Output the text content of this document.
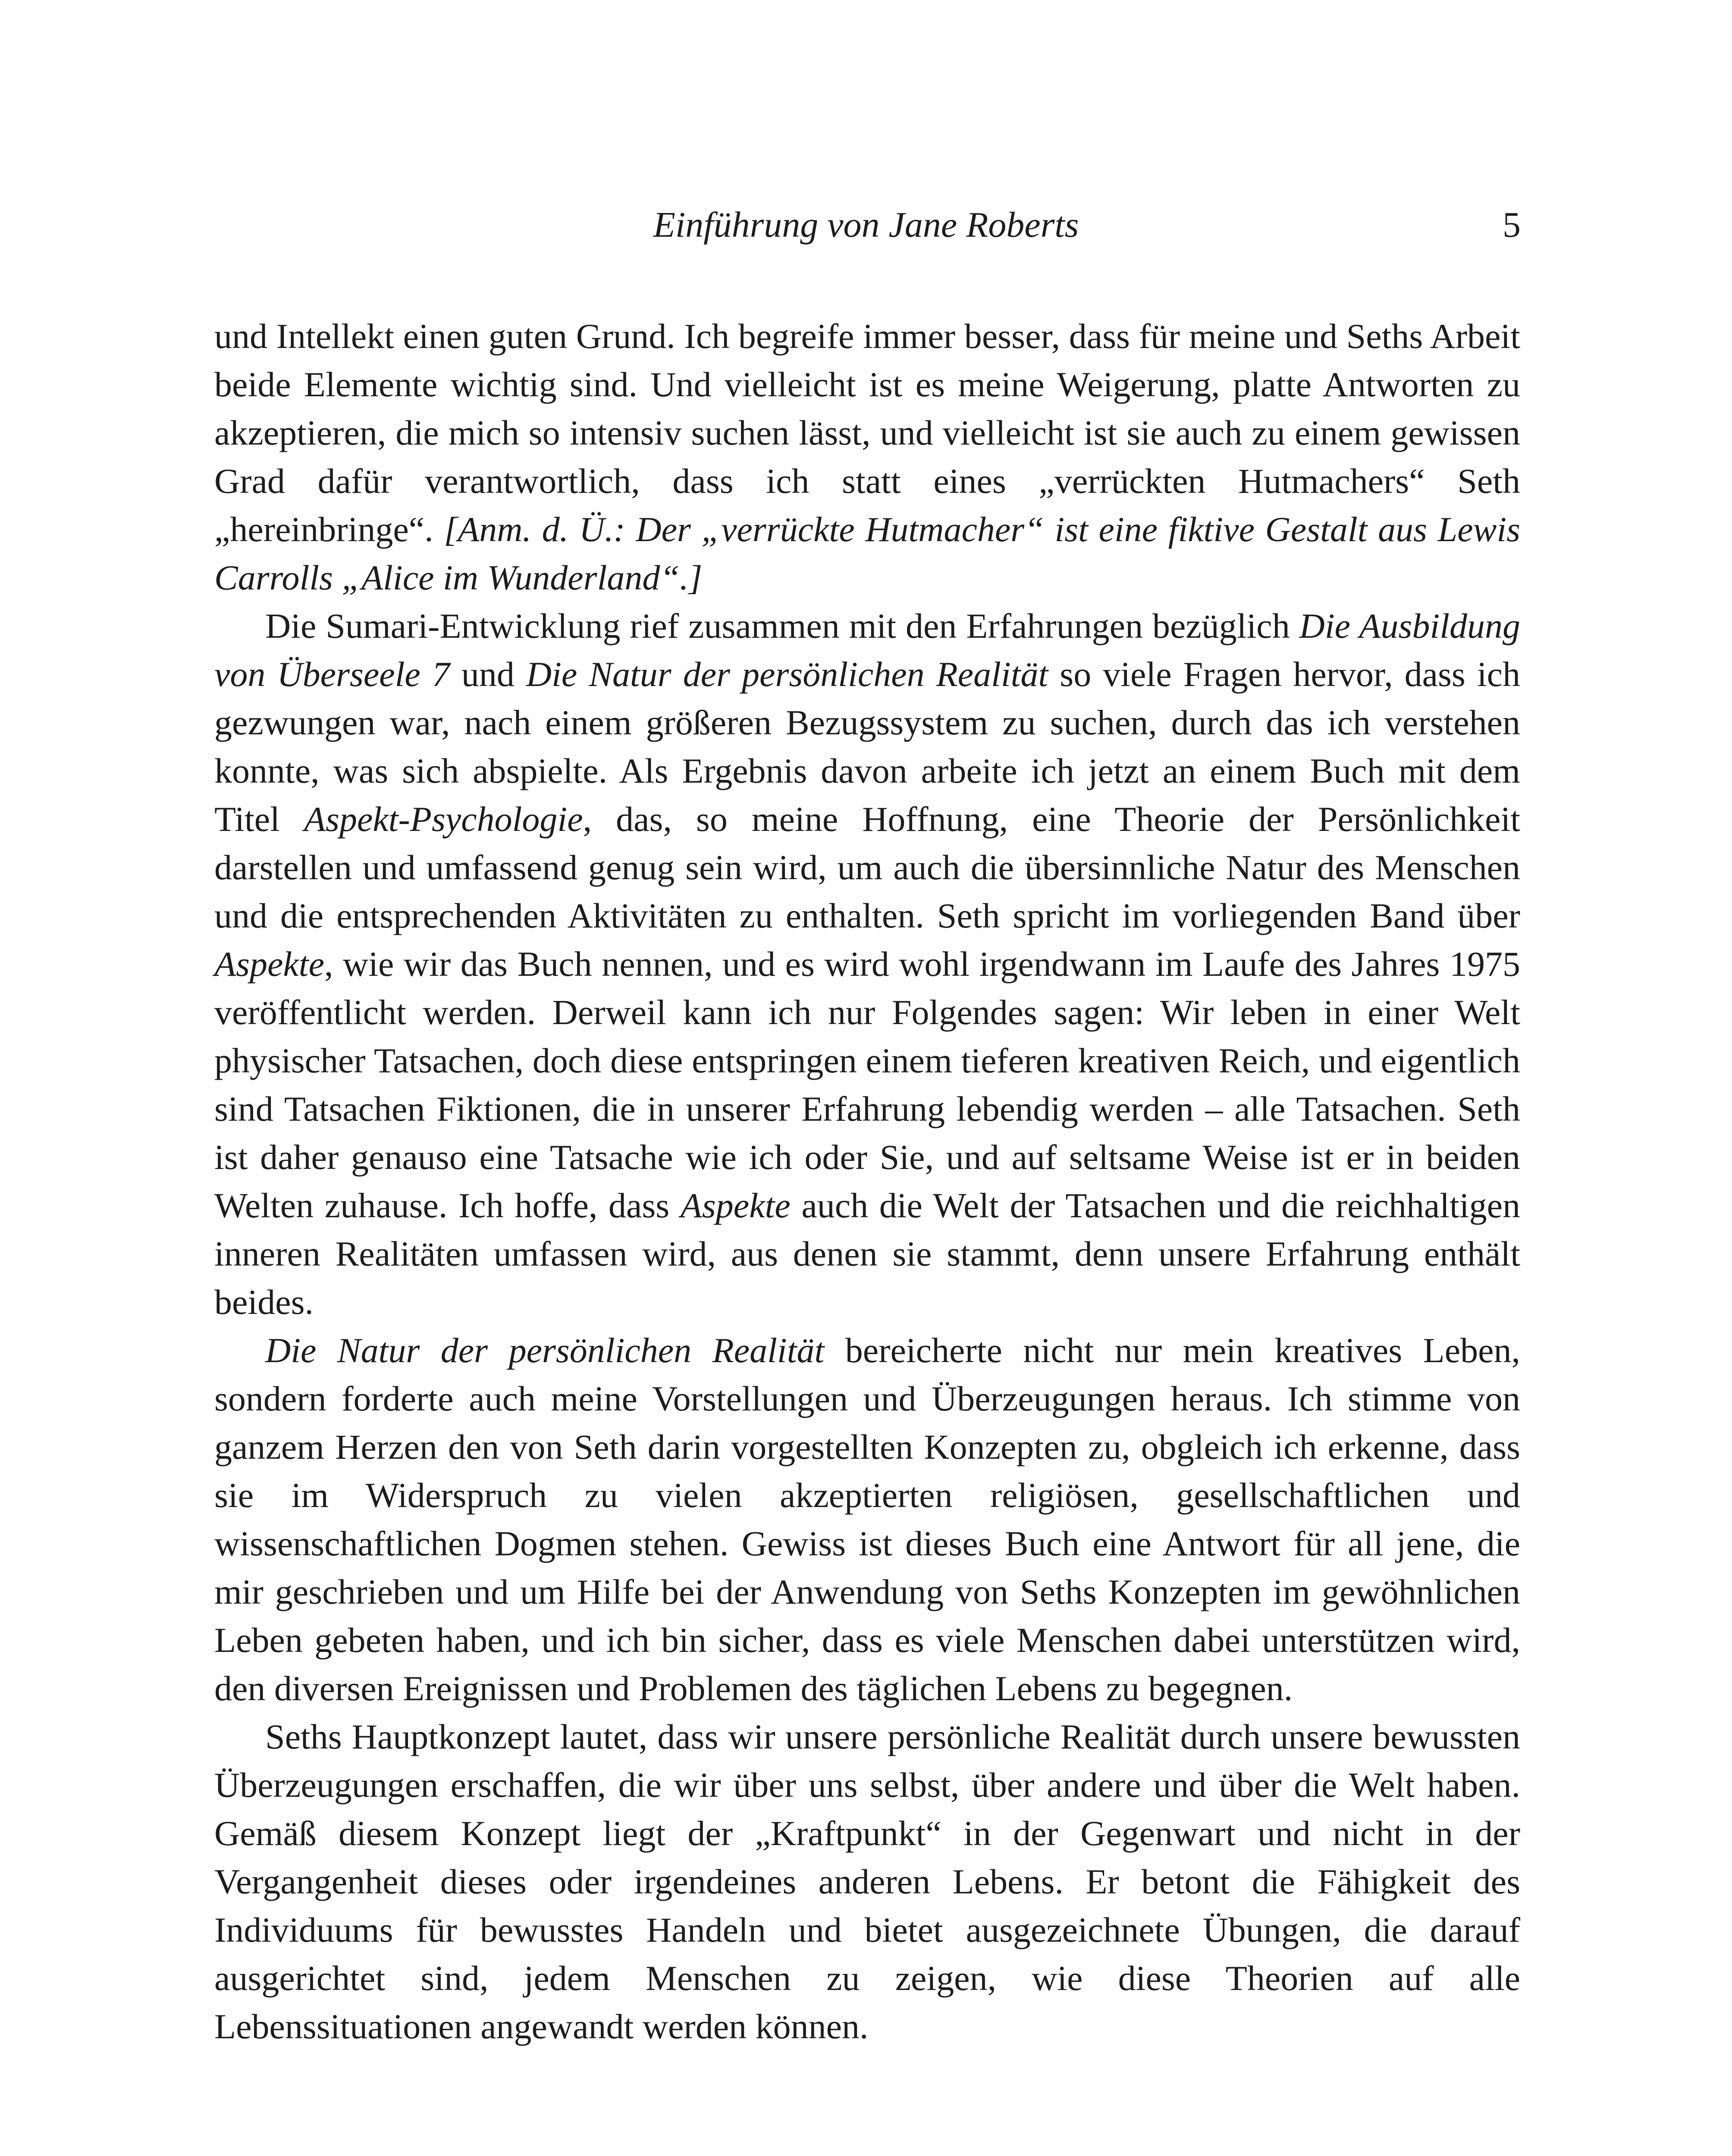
Einführung von Jane Roberts	5

und Intellekt einen guten Grund. Ich begreife immer besser, dass für meine und Seths Arbeit beide Elemente wichtig sind. Und vielleicht ist es meine Weigerung, platte Antworten zu akzeptieren, die mich so intensiv suchen lässt, und vielleicht ist sie auch zu einem gewissen Grad dafür verantwortlich, dass ich statt eines „verrückten Hutmachers“ Seth „hereinbringe“. [Anm. d. Ü.: Der „verrückte Hutmacher“ ist eine fiktive Gestalt aus Lewis Carrolls „Alice im Wunderland“.]

Die Sumari-Entwicklung rief zusammen mit den Erfahrungen bezüglich Die Ausbildung von Überseele 7 und Die Natur der persönlichen Realität so viele Fragen hervor, dass ich gezwungen war, nach einem größeren Bezugssystem zu suchen, durch das ich verstehen konnte, was sich abspielte. Als Ergebnis davon arbeite ich jetzt an einem Buch mit dem Titel Aspekt-Psychologie, das, so meine Hoffnung, eine Theorie der Persönlichkeit darstellen und umfassend genug sein wird, um auch die übersinnliche Natur des Menschen und die entsprechenden Aktivitäten zu enthalten. Seth spricht im vorliegenden Band über Aspekte, wie wir das Buch nennen, und es wird wohl irgendwann im Laufe des Jahres 1975 veröffentlicht werden. Derweil kann ich nur Folgendes sagen: Wir leben in einer Welt physischer Tatsachen, doch diese entspringen einem tieferen kreativen Reich, und eigentlich sind Tatsachen Fiktionen, die in unserer Erfahrung lebendig werden – alle Tatsachen. Seth ist daher genauso eine Tatsache wie ich oder Sie, und auf seltsame Weise ist er in beiden Welten zuhause. Ich hoffe, dass Aspekte auch die Welt der Tatsachen und die reichhaltigen inneren Realitäten umfassen wird, aus denen sie stammt, denn unsere Erfahrung enthält beides.

Die Natur der persönlichen Realität bereicherte nicht nur mein kreatives Leben, sondern forderte auch meine Vorstellungen und Überzeugungen heraus. Ich stimme von ganzem Herzen den von Seth darin vorgestellten Konzepten zu, obgleich ich erkenne, dass sie im Widerspruch zu vielen akzeptierten religiösen, gesellschaftlichen und wissenschaftlichen Dogmen stehen. Gewiss ist dieses Buch eine Antwort für all jene, die mir geschrieben und um Hilfe bei der Anwendung von Seths Konzepten im gewöhnlichen Leben gebeten haben, und ich bin sicher, dass es viele Menschen dabei unterstützen wird, den diversen Ereignissen und Problemen des täglichen Lebens zu begegnen.

Seths Hauptkonzept lautet, dass wir unsere persönliche Realität durch unsere bewussten Überzeugungen erschaffen, die wir über uns selbst, über andere und über die Welt haben. Gemäß diesem Konzept liegt der „Kraftpunkt“ in der Gegenwart und nicht in der Vergangenheit dieses oder irgendeines anderen Lebens. Er betont die Fähigkeit des Individuums für bewusstes Handeln und bietet ausgezeichnete Übungen, die darauf ausgerichtet sind, jedem Menschen zu zeigen, wie diese Theorien auf alle Lebenssituationen angewandt werden können.
